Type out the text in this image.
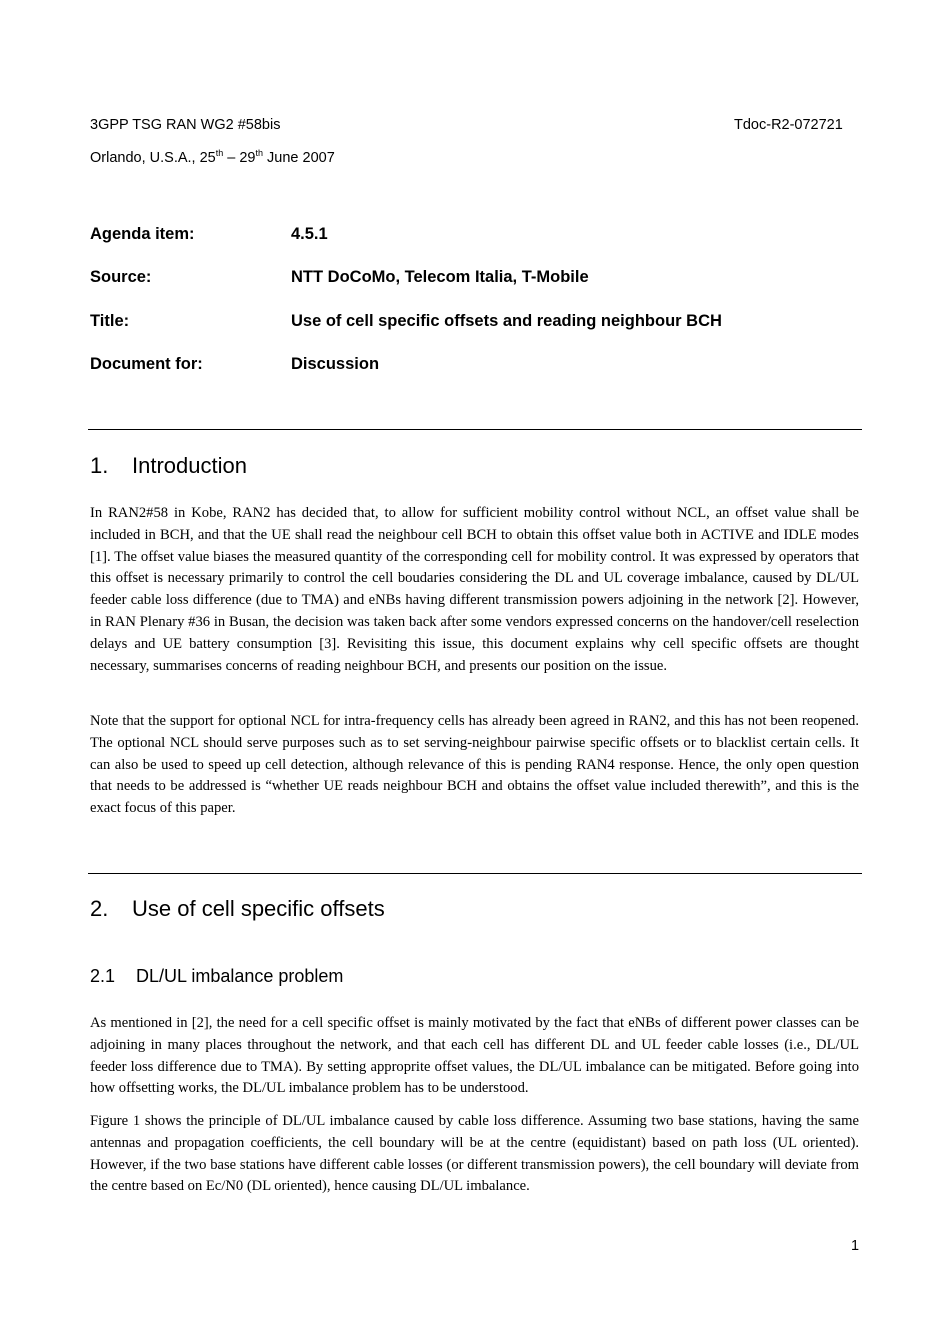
3GPP TSG RAN WG2 #58bis	Tdoc-R2-072721
Orlando, U.S.A., 25th – 29th June 2007
Agenda item:	4.5.1
Source:	NTT DoCoMo, Telecom Italia, T-Mobile
Title:	Use of cell specific offsets and reading neighbour BCH
Document for:	Discussion
1. Introduction

In RAN2#58 in Kobe, RAN2 has decided that, to allow for sufficient mobility control without NCL, an offset value shall be included in BCH, and that the UE shall read the neighbour cell BCH to obtain this offset value both in ACTIVE and IDLE modes [1]. The offset value biases the measured quantity of the corresponding cell for mobility control. It was expressed by operators that this offset is necessary primarily to control the cell boudaries considering the DL and UL coverage imbalance, caused by DL/UL feeder cable loss difference (due to TMA) and eNBs having different transmission powers adjoining in the network [2]. However, in RAN Plenary #36 in Busan, the decision was taken back after some vendors expressed concerns on the handover/cell reselection delays and UE battery consumption [3]. Revisiting this issue, this document explains why cell specific offsets are thought necessary, summarises concerns of reading neighbour BCH, and presents our position on the issue.

Note that the support for optional NCL for intra-frequency cells has already been agreed in RAN2, and this has not been reopened. The optional NCL should serve purposes such as to set serving-neighbour pairwise specific offsets or to blacklist certain cells. It can also be used to speed up cell detection, although relevance of this is pending RAN4 response. Hence, the only open question that needs to be addressed is “whether UE reads neighbour BCH and obtains the offset value included therewith”, and this is the exact focus of this paper.

2. Use of cell specific offsets
2.1 DL/UL imbalance problem

As mentioned in [2], the need for a cell specific offset is mainly motivated by the fact that eNBs of different power classes can be adjoining in many places throughout the network, and that each cell has different DL and UL feeder cable losses (i.e., DL/UL feeder loss difference due to TMA). By setting approprite offset values, the DL/UL imbalance can be mitigated. Before going into how offsetting works, the DL/UL imbalance problem has to be understood.

Figure 1 shows the principle of DL/UL imbalance caused by cable loss difference. Assuming two base stations, having the same antennas and propagation coefficients, the cell boundary will be at the centre (equidistant) based on path loss (UL oriented). However, if the two base stations have different cable losses (or different transmission powers), the cell boundary will deviate from the centre based on Ec/N0 (DL oriented), hence causing DL/UL imbalance.

1
